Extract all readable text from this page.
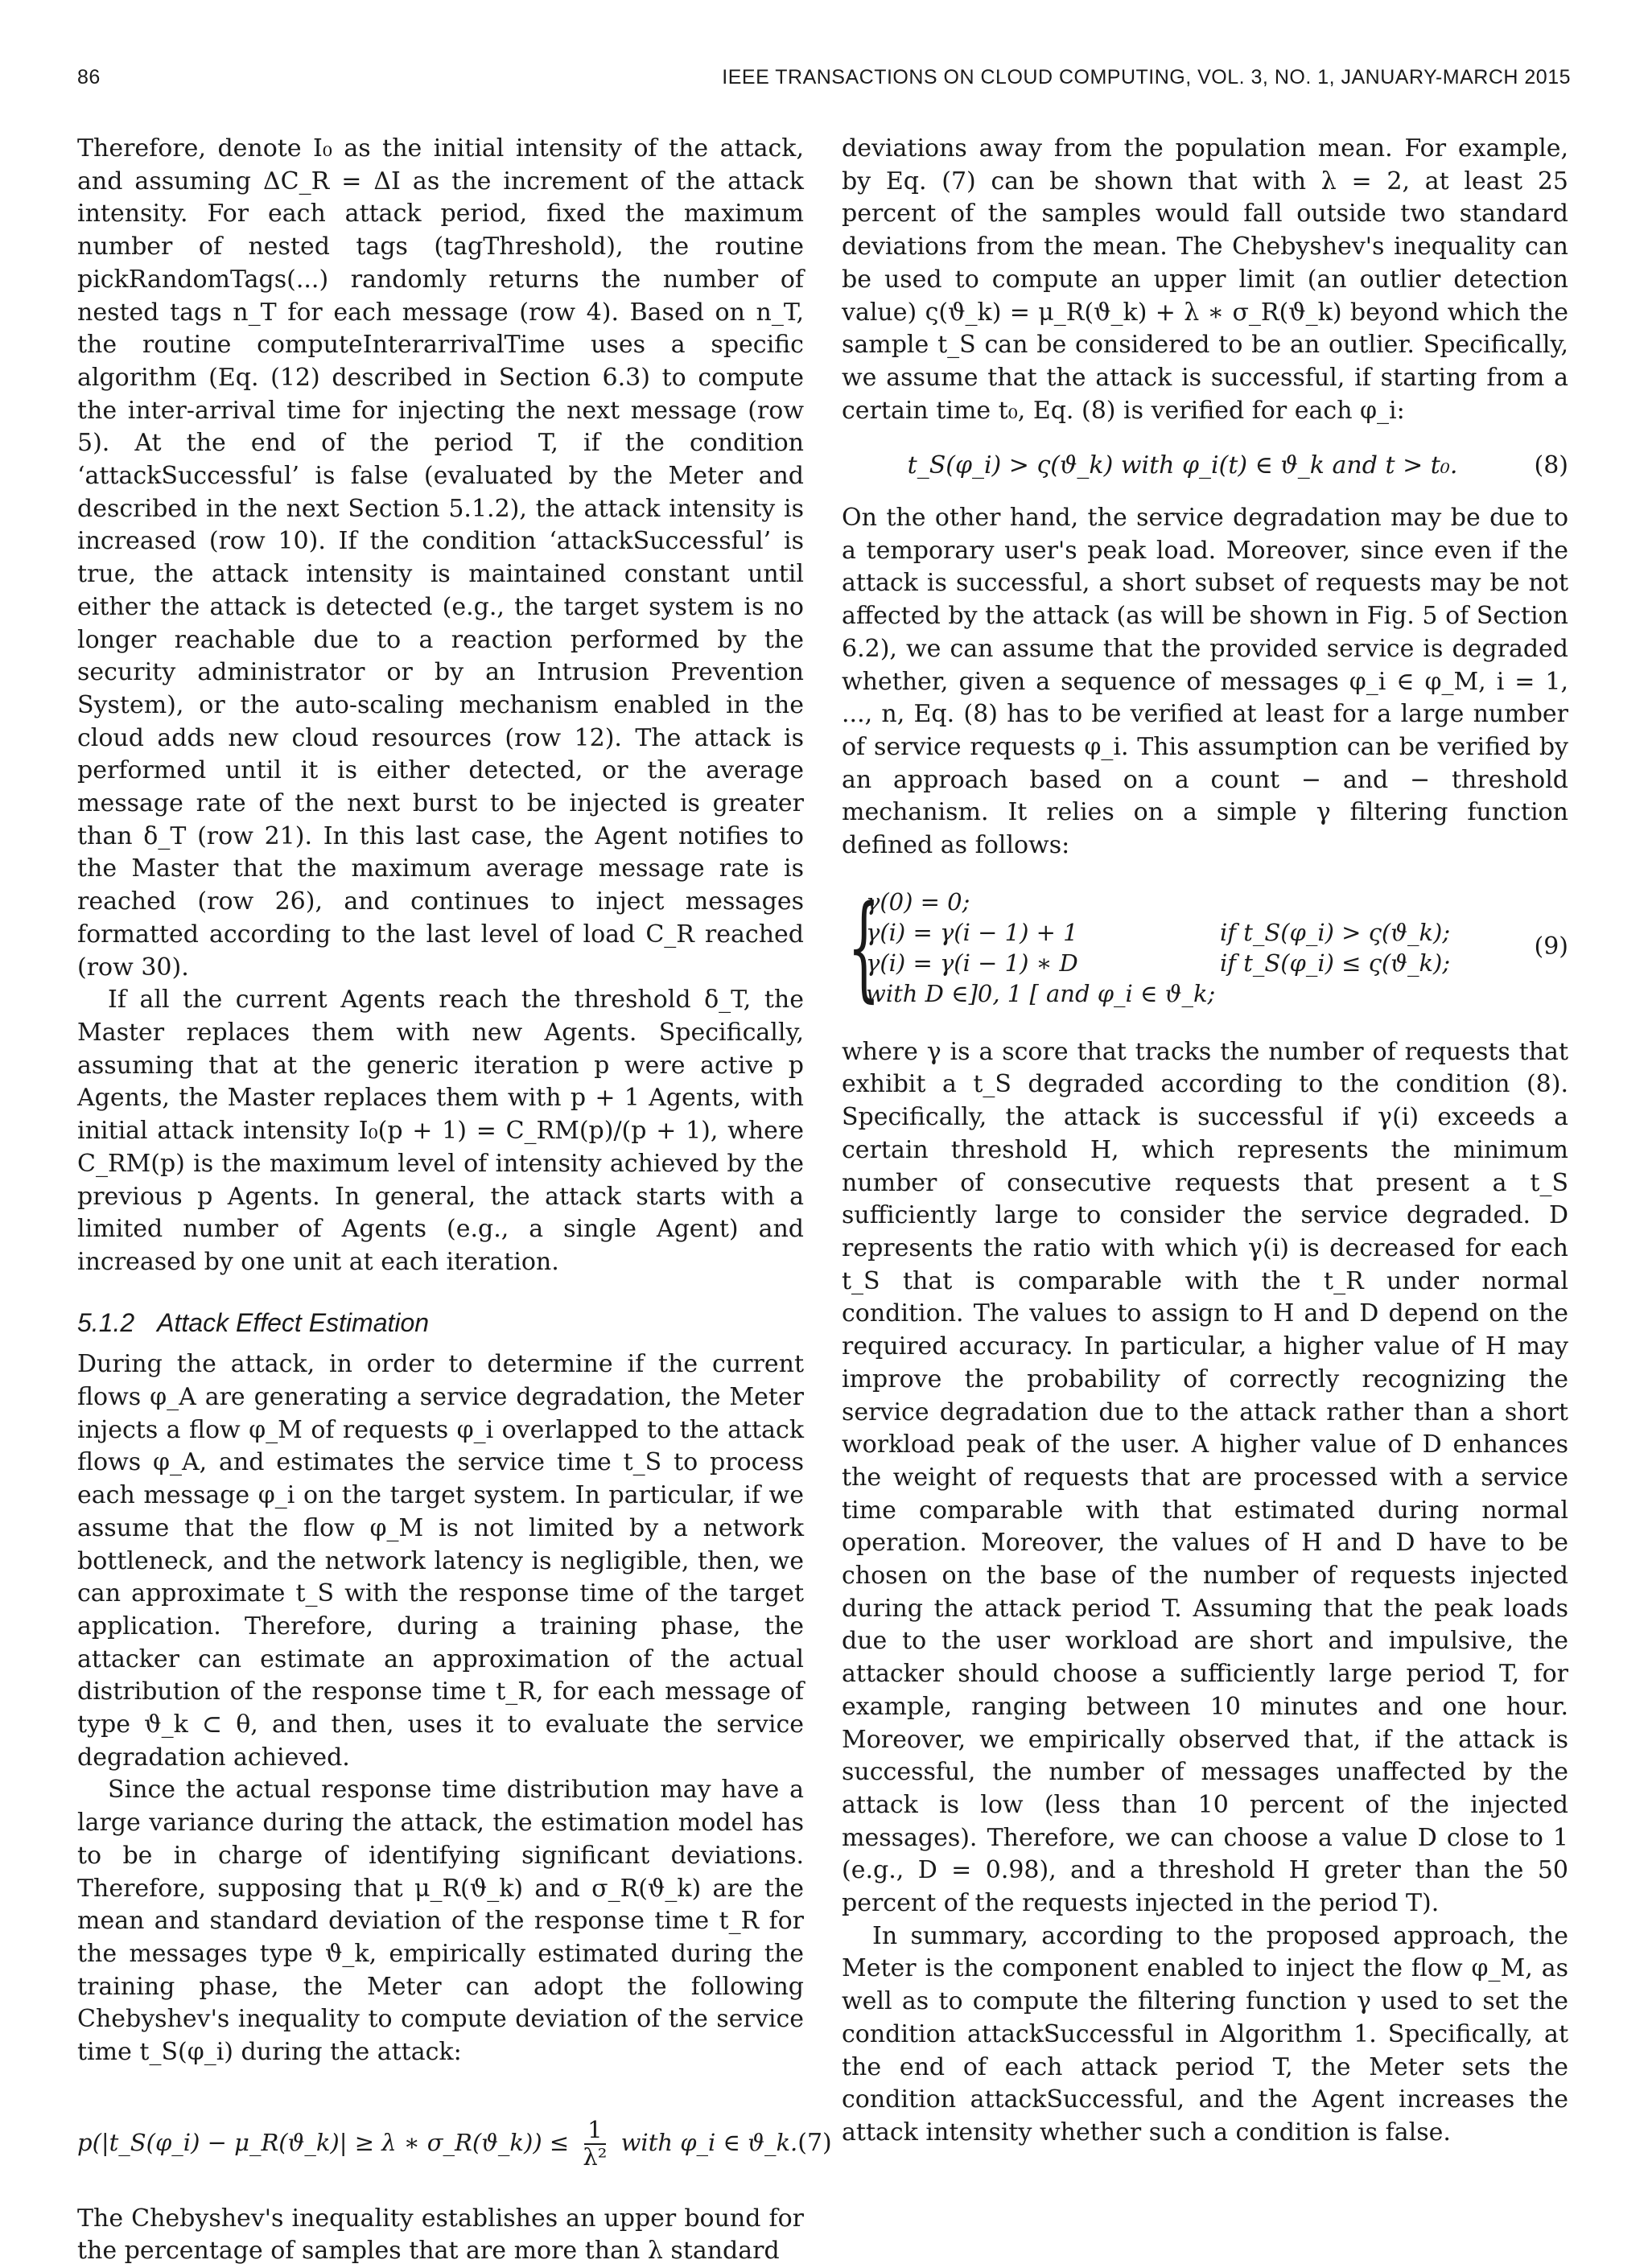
86	IEEE TRANSACTIONS ON CLOUD COMPUTING, VOL. 3, NO. 1, JANUARY-MARCH 2015

Therefore, denote I₀ as the initial intensity of the attack, and assuming ΔC_R = ΔI as the increment of the attack intensity. For each attack period, fixed the maximum number of nested tags (tagThreshold), the routine pickRandomTags(...) randomly returns the number of nested tags n_T for each message (row 4). Based on n_T, the routine computeInterarrivalTime uses a specific algorithm (Eq. (12) described in Section 6.3) to compute the inter-arrival time for injecting the next message (row 5). At the end of the period T, if the condition ‘attackSuccessful’ is false (evaluated by the Meter and described in the next Section 5.1.2), the attack intensity is increased (row 10). If the condition ‘attackSuccessful’ is true, the attack intensity is maintained constant until either the attack is detected (e.g., the target system is no longer reachable due to a reaction performed by the security administrator or by an Intrusion Prevention System), or the auto-scaling mechanism enabled in the cloud adds new cloud resources (row 12). The attack is performed until it is either detected, or the average message rate of the next burst to be injected is greater than δ_T (row 21). In this last case, the Agent notifies to the Master that the maximum average message rate is reached (row 26), and continues to inject messages formatted according to the last level of load C_R reached (row 30).

If all the current Agents reach the threshold δ_T, the Master replaces them with new Agents. Specifically, assuming that at the generic iteration p were active p Agents, the Master replaces them with p + 1 Agents, with initial attack intensity I₀(p + 1) = C_RM(p)/(p + 1), where C_RM(p) is the maximum level of intensity achieved by the previous p Agents. In general, the attack starts with a limited number of Agents (e.g., a single Agent) and increased by one unit at each iteration.

5.1.2 Attack Effect Estimation

During the attack, in order to determine if the current flows φ_A are generating a service degradation, the Meter injects a flow φ_M of requests φ_i overlapped to the attack flows φ_A, and estimates the service time t_S to process each message φ_i on the target system. In particular, if we assume that the flow φ_M is not limited by a network bottleneck, and the network latency is negligible, then, we can approximate t_S with the response time of the target application. Therefore, during a training phase, the attacker can estimate an approximation of the actual distribution of the response time t_R, for each message of type ϑ_k ⊂ θ, and then, uses it to evaluate the service degradation achieved.

Since the actual response time distribution may have a large variance during the attack, the estimation model has to be in charge of identifying significant deviations. Therefore, supposing that μ_R(ϑ_k) and σ_R(ϑ_k) are the mean and standard deviation of the response time t_R for the messages type ϑ_k, empirically estimated during the training phase, the Meter can adopt the following Chebyshev's inequality to compute deviation of the service time t_S(φ_i) during the attack:

p(|t_S(φ_i) − μ_R(ϑ_k)| ≥ λ ∗ σ_R(ϑ_k)) ≤ $\frac{1}{\text{λ²}}$ with φ_i ∈ ϑ_k. (7)

The Chebyshev's inequality establishes an upper bound for the percentage of samples that are more than λ standard

deviations away from the population mean. For example, by Eq. (7) can be shown that with λ = 2, at least 25 percent of the samples would fall outside two standard deviations from the mean. The Chebyshev's inequality can be used to compute an upper limit (an outlier detection value) ς(ϑ_k) = μ_R(ϑ_k) + λ ∗ σ_R(ϑ_k) beyond which the sample t_S can be considered to be an outlier. Specifically, we assume that the attack is successful, if starting from a certain time t₀, Eq. (8) is verified for each φ_i:

t_S(φ_i) > ς(ϑ_k) with φ_i(t) ∈ ϑ_k and t > t₀.	(8)

On the other hand, the service degradation may be due to a temporary user's peak load. Moreover, since even if the attack is successful, a short subset of requests may be not affected by the attack (as will be shown in Fig. 5 of Section 6.2), we can assume that the provided service is degraded whether, given a sequence of messages φ_i ∈ φ_M, i = 1, ..., n, Eq. (8) has to be verified at least for a large number of service requests φ_i. This assumption can be verified by an approach based on a count − and − threshold mechanism. It relies on a simple γ filtering function defined as follows:

{
γ(0) = 0;
γ(i) = γ(i − 1) + 1	if t_S(φ_i) > ς(ϑ_k);
γ(i) = γ(i − 1) ∗ D	if t_S(φ_i) ≤ ς(ϑ_k);
with D ∈]0, 1 [ and φ_i ∈ ϑ_k;
(9)

where γ is a score that tracks the number of requests that exhibit a t_S degraded according to the condition (8). Specifically, the attack is successful if γ(i) exceeds a certain threshold H, which represents the minimum number of consecutive requests that present a t_S sufficiently large to consider the service degraded. D represents the ratio with which γ(i) is decreased for each t_S that is comparable with the t_R under normal condition. The values to assign to H and D depend on the required accuracy. In particular, a higher value of H may improve the probability of correctly recognizing the service degradation due to the attack rather than a short workload peak of the user. A higher value of D enhances the weight of requests that are processed with a service time comparable with that estimated during normal operation. Moreover, the values of H and D have to be chosen on the base of the number of requests injected during the attack period T. Assuming that the peak loads due to the user workload are short and impulsive, the attacker should choose a sufficiently large period T, for example, ranging between 10 minutes and one hour. Moreover, we empirically observed that, if the attack is successful, the number of messages unaffected by the attack is low (less than 10 percent of the injected messages). Therefore, we can choose a value D close to 1 (e.g., D = 0.98), and a threshold H greter than the 50 percent of the requests injected in the period T).

In summary, according to the proposed approach, the Meter is the component enabled to inject the flow φ_M, as well as to compute the filtering function γ used to set the condition attackSuccessful in Algorithm 1. Specifically, at the end of each attack period T, the Meter sets the condition attackSuccessful, and the Agent increases the attack intensity whether such a condition is false.
